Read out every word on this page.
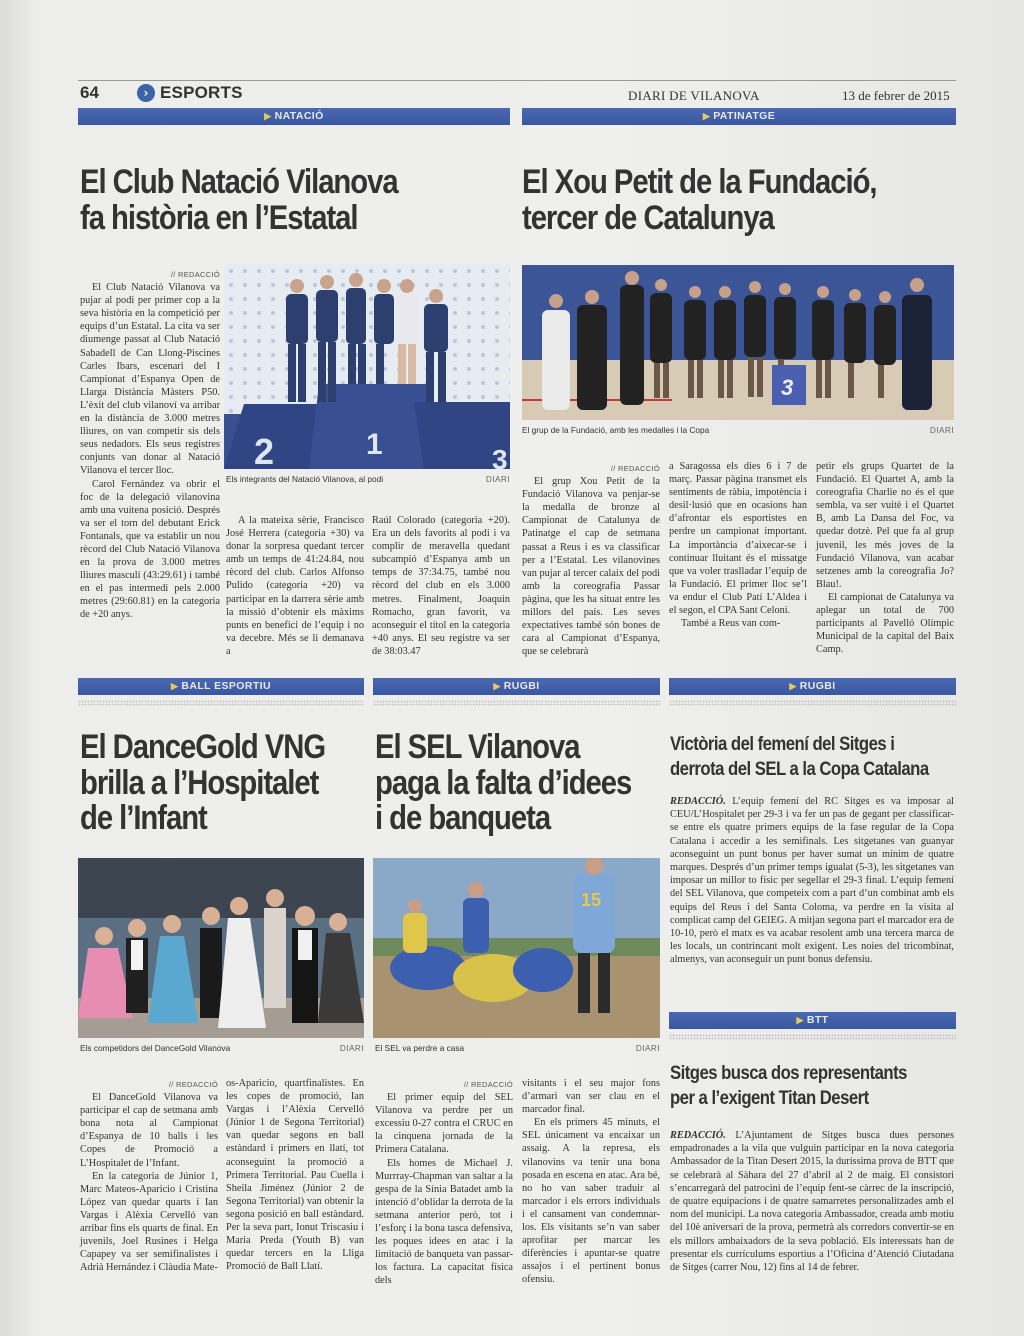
64	› ESPORTS	DIARI DE VILANOVA	13 de febrer de 2015
▶ NATACIÓ
El Club Natació Vilanova
fa història en l’Estatal
2	1	3
Els integrants del Natació Vilanova, al podi	DIARI
// REDACCIÓ

El Club Natació Vilanova va pujar al podi per primer cop a la seva història en la competició per equips d’un Estatal. La cita va ser diumenge passat al Club Natació Sabadell de Can Llong-Piscines Carles Ibars, escenari del I Campionat d’Espanya Open de Llarga Distància Màsters P50. L’èxit del club vilanoví va arribar en la distància de 3.000 metres lliures, on van competir sis dels seus nedadors. Els seus registres conjunts van donar al Natació Vilanova el tercer lloc.

Carol Fernández va obrir el foc de la delegació vilanovina amb una vuitena posició. Després va ser el torn del debutant Erick Fontanals, que va establir un nou rècord del Club Natació Vilanova en la prova de 3.000 metres lliures masculí (43:29.61) i també en el pas intermedi pels 2.000 metres (29:60.81) en la categoria de +20 anys.

A la mateixa sèrie, Francisco José Herrera (categoria +30) va donar la sorpresa quedant tercer amb un temps de 41:24.84, nou rècord del club. Carlos Alfonso Pulido (categoria +20) va participar en la darrera sèrie amb la missió d’obtenir els màxims punts en benefici de l’equip i no va decebre. Més se li demanava a

Raúl Colorado (categoria +20). Era un dels favorits al podi i va complir de meravella quedant subcampió d’Espanya amb un temps de 37:34.75, també nou rècord del club en els 3.000 metres. Finalment, Joaquin Romacho, gran favorit, va aconseguir el títol en la categoria +40 anys. El seu registre va ser de 38:03.47

▶ PATINATGE
El Xou Petit de la Fundació,
tercer de Catalunya
3
El grup de la Fundació, amb les medalles i la Copa	DIARI
// REDACCIÓ

El grup Xou Petit de la Fundació Vilanova va penjar-se la medalla de bronze al Campionat de Catalunya de Patinatge el cap de setmana passat a Reus i es va classificar per a l’Estatal. Les vilanovines van pujar al tercer calaix del podi amb la coreografia Passar pàgina, que les ha situat entre les millors del país. Les seves expectatives també són bones de cara al Campionat d’Espanya, que se celebrarà

a Saragossa els dies 6 i 7 de març. Passar pàgina transmet els sentiments de ràbia, impotència i desil·lusió que en ocasions han d’afrontar els esportistes en perdre un campionat important. La importància d’aixecar-se i continuar lluitant és el missatge que va voler traslladar l’equip de la Fundació. El primer lloc se’l va endur el Club Patí L’Aldea i el segon, el CPA Sant Celoni.

També a Reus van com-

petir els grups Quartet de la Fundació. El Quartet A, amb la coreografia Charlie no és el que sembla, va ser vuitè i el Quartet B, amb La Dansa del Foc, va quedar dotzè. Pel que fa al grup juvenil, les més joves de la Fundació Vilanova, van acabar setzenes amb la coreografia Jo? Blau!.

El campionat de Catalunya va aplegar un total de 700 participants al Pavelló Olímpic Municipal de la capital del Baix Camp.

▶ BALL ESPORTIU
El DanceGold VNG
brilla a l’Hospitalet
de l’Infant
Els competidors del DanceGold Vilanova	DIARI
// REDACCIÓ

El DanceGold Vilanova va participar el cap de setmana amb bona nota al Campionat d’Espanya de 10 balls i les Copes de Promoció a L’Hospitalet de l’Infant.

En la categoria de Júnior 1, Marc Mateos-Aparicio i Cristina López van quedar quarts i Ian Vargas i Alèxia Cervelló van arribar fins els quarts de final. En juvenils, Joel Rusines i Helga Capapey va ser semifinalistes i Adrià Hernández i Clàudia Mate-

os-Aparicio, quartfinalistes. En les copes de promoció, Ian Vargas i l’Alèxia Cervelló (Júnior 1 de Segona Territorial) van quedar segons en ball estàndard i primers en llatí, tot aconseguint la promoció a Primera Territorial. Pau Cuella i Sheila Jiménez (Júnior 2 de Segona Territorial) van obtenir la segona posició en ball estàndard. Per la seva part, Ionut Triscasiu i Maria Preda (Youth B) van quedar tercers en la Lliga Promoció de Ball Llatí.

▶ RUGBI
El SEL Vilanova
paga la falta d’idees
i de banqueta
15
El SEL va perdre a casa	DIARI
// REDACCIÓ

El primer equip del SEL Vilanova va perdre per un excessiu 0-27 contra el CRUC en la cinquena jornada de la Primera Catalana.

Els homes de Michael J. Murrray-Chapman van saltar a la gespa de la Sínia Batadet amb la intenció d’oblidar la derrota de la setmana anterior però, tot i l’esforç i la bona tasca defensiva, les poques idees en atac i la limitació de banqueta van passar-los factura. La capacitat física dels

visitants i el seu major fons d’armari van ser clau en el marcador final.

En els primers 45 minuts, el SEL únicament va encaixar un assaig. A la represa, els vilanovins va tenir una bona posada en escena en atac. Ara bé, no ho van saber traduir al marcador i els errors individuals i el cansament van condemnar-los. Els visitants se’n van saber aprofitar per marcar les diferències i apuntar-se quatre assajos i el pertinent bonus ofensiu.

▶ RUGBI
Victòria del femení del Sitges i
derrota del SEL a la Copa Catalana
REDACCIÓ. L’equip femení del RC Sitges es va imposar al CEU/L’Hospitalet per 29-3 i va fer un pas de gegant per classificar-se entre els quatre primers equips de la fase regular de la Copa Catalana i accedir a les semifinals. Les sitgetanes van guanyar aconseguint un punt bonus per haver sumat un mínim de quatre marques. Després d’un primer temps igualat (5-3), les sitgetanes van imposar un millor to físic per segellar el 29-3 final. L’equip femení del SEL Vilanova, que competeix com a part d’un combinat amb els equips del Reus i del Santa Coloma, va perdre en la visita al complicat camp del GEIEG. A mitjan segona part el marcador era de 10-10, però el matx es va acabar resolent amb una tercera marca de les locals, un contrincant molt exigent. Les noies del tricombinat, almenys, van aconseguir un punt bonus defensiu.
▶ BTT
Sitges busca dos representants
per a l’exigent Titan Desert
REDACCIÓ. L’Ajuntament de Sitges busca dues persones empadronades a la vila que vulguin participar en la nova categoria Ambassador de la Titan Desert 2015, la duríssima prova de BTT que se celebrarà al Sàhara del 27 d’abril al 2 de maig. El consistori s’encarregarà del patrocini de l’equip fent-se càrrec de la inscripció, de quatre equipacions i de quatre samarretes personalitzades amb el nom del municipi. La nova categoria Ambassador, creada amb motiu del 10è aniversari de la prova, permetrà als corredors convertir-se en els millors ambaixadors de la seva població. Els interessats han de presentar els currículums esportius a l’Oficina d’Atenció Ciutadana de Sitges (carrer Nou, 12) fins al 14 de febrer.
